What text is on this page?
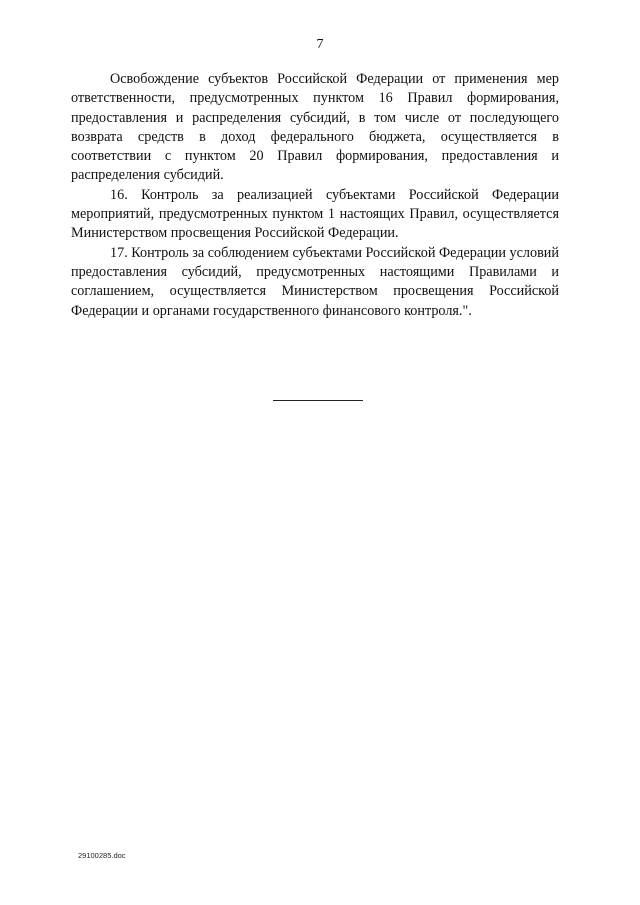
7

Освобождение субъектов Российской Федерации от применения мер ответственности, предусмотренных пунктом 16 Правил формирования, предоставления и распределения субсидий, в том числе от последующего возврата средств в доход федерального бюджета, осуществляется в соответствии с пунктом 20 Правил формирования, предоставления и распределения субсидий.

16. Контроль за реализацией субъектами Российской Федерации мероприятий, предусмотренных пунктом 1 настоящих Правил, осуществляется Министерством просвещения Российской Федерации.

17. Контроль за соблюдением субъектами Российской Федерации условий предоставления субсидий, предусмотренных настоящими Правилами и соглашением, осуществляется Министерством просвещения Российской Федерации и органами государственного финансового контроля.".

29100285.doc
